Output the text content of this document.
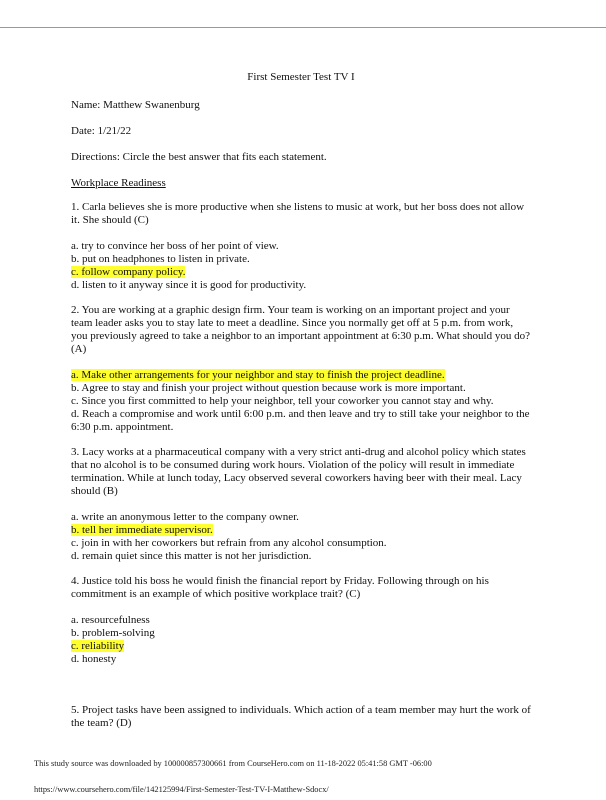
First Semester Test TV I
Name: Matthew Swanenburg
Date: 1/21/22
Directions: Circle the best answer that fits each statement.
Workplace Readiness
1. Carla believes she is more productive when she listens to music at work, but her boss does not allow it. She should (C)
a. try to convince her boss of her point of view.
b. put on headphones to listen in private.
c. follow company policy.
d. listen to it anyway since it is good for productivity.
2. You are working at a graphic design firm. Your team is working on an important project and your team leader asks you to stay late to meet a deadline. Since you normally get off at 5 p.m. from work, you previously agreed to take a neighbor to an important appointment at 6:30 p.m. What should you do? (A)
a. Make other arrangements for your neighbor and stay to finish the project deadline.
b. Agree to stay and finish your project without question because work is more important.
c. Since you first committed to help your neighbor, tell your coworker you cannot stay and why.
d. Reach a compromise and work until 6:00 p.m. and then leave and try to still take your neighbor to the 6:30 p.m. appointment.
3. Lacy works at a pharmaceutical company with a very strict anti-drug and alcohol policy which states that no alcohol is to be consumed during work hours. Violation of the policy will result in immediate termination. While at lunch today, Lacy observed several coworkers having beer with their meal. Lacy should (B)
a. write an anonymous letter to the company owner.
b. tell her immediate supervisor.
c. join in with her coworkers but refrain from any alcohol consumption.
d. remain quiet since this matter is not her jurisdiction.
4. Justice told his boss he would finish the financial report by Friday. Following through on his commitment is an example of which positive workplace trait? (C)
a. resourcefulness
b. problem-solving
c. reliability
d. honesty
5. Project tasks have been assigned to individuals. Which action of a team member may hurt the work of the team? (D)
This study source was downloaded by 100000857300661 from CourseHero.com on 11-18-2022 05:41:58 GMT -06:00
https://www.coursehero.com/file/142125994/First-Semester-Test-TV-I-Matthew-Sdocx/
